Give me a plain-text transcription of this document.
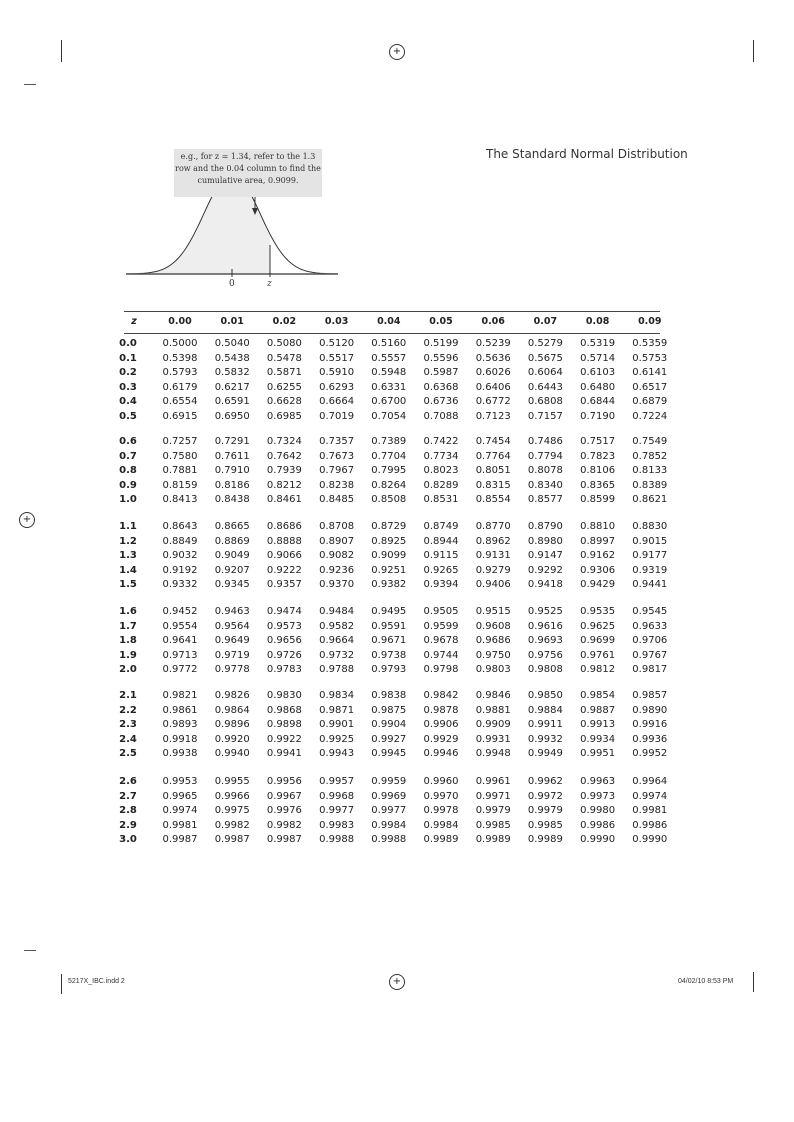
+
+
+
The Standard Normal Distribution
e.g., for z = 1.34, refer to the 1.3 row and the 0.04 column to find the cumulative area, 0.9099.
0	z
z	0.00	0.01	0.02	0.03	0.04	0.05	0.06	0.07	0.08	0.09
0.0	0.5000	0.5040	0.5080	0.5120	0.5160	0.5199	0.5239	0.5279	0.5319	0.5359
0.1	0.5398	0.5438	0.5478	0.5517	0.5557	0.5596	0.5636	0.5675	0.5714	0.5753
0.2	0.5793	0.5832	0.5871	0.5910	0.5948	0.5987	0.6026	0.6064	0.6103	0.6141
0.3	0.6179	0.6217	0.6255	0.6293	0.6331	0.6368	0.6406	0.6443	0.6480	0.6517
0.4	0.6554	0.6591	0.6628	0.6664	0.6700	0.6736	0.6772	0.6808	0.6844	0.6879
0.5	0.6915	0.6950	0.6985	0.7019	0.7054	0.7088	0.7123	0.7157	0.7190	0.7224
0.6	0.7257	0.7291	0.7324	0.7357	0.7389	0.7422	0.7454	0.7486	0.7517	0.7549
0.7	0.7580	0.7611	0.7642	0.7673	0.7704	0.7734	0.7764	0.7794	0.7823	0.7852
0.8	0.7881	0.7910	0.7939	0.7967	0.7995	0.8023	0.8051	0.8078	0.8106	0.8133
0.9	0.8159	0.8186	0.8212	0.8238	0.8264	0.8289	0.8315	0.8340	0.8365	0.8389
1.0	0.8413	0.8438	0.8461	0.8485	0.8508	0.8531	0.8554	0.8577	0.8599	0.8621
1.1	0.8643	0.8665	0.8686	0.8708	0.8729	0.8749	0.8770	0.8790	0.8810	0.8830
1.2	0.8849	0.8869	0.8888	0.8907	0.8925	0.8944	0.8962	0.8980	0.8997	0.9015
1.3	0.9032	0.9049	0.9066	0.9082	0.9099	0.9115	0.9131	0.9147	0.9162	0.9177
1.4	0.9192	0.9207	0.9222	0.9236	0.9251	0.9265	0.9279	0.9292	0.9306	0.9319
1.5	0.9332	0.9345	0.9357	0.9370	0.9382	0.9394	0.9406	0.9418	0.9429	0.9441
1.6	0.9452	0.9463	0.9474	0.9484	0.9495	0.9505	0.9515	0.9525	0.9535	0.9545
1.7	0.9554	0.9564	0.9573	0.9582	0.9591	0.9599	0.9608	0.9616	0.9625	0.9633
1.8	0.9641	0.9649	0.9656	0.9664	0.9671	0.9678	0.9686	0.9693	0.9699	0.9706
1.9	0.9713	0.9719	0.9726	0.9732	0.9738	0.9744	0.9750	0.9756	0.9761	0.9767
2.0	0.9772	0.9778	0.9783	0.9788	0.9793	0.9798	0.9803	0.9808	0.9812	0.9817
2.1	0.9821	0.9826	0.9830	0.9834	0.9838	0.9842	0.9846	0.9850	0.9854	0.9857
2.2	0.9861	0.9864	0.9868	0.9871	0.9875	0.9878	0.9881	0.9884	0.9887	0.9890
2.3	0.9893	0.9896	0.9898	0.9901	0.9904	0.9906	0.9909	0.9911	0.9913	0.9916
2.4	0.9918	0.9920	0.9922	0.9925	0.9927	0.9929	0.9931	0.9932	0.9934	0.9936
2.5	0.9938	0.9940	0.9941	0.9943	0.9945	0.9946	0.9948	0.9949	0.9951	0.9952
2.6	0.9953	0.9955	0.9956	0.9957	0.9959	0.9960	0.9961	0.9962	0.9963	0.9964
2.7	0.9965	0.9966	0.9967	0.9968	0.9969	0.9970	0.9971	0.9972	0.9973	0.9974
2.8	0.9974	0.9975	0.9976	0.9977	0.9977	0.9978	0.9979	0.9979	0.9980	0.9981
2.9	0.9981	0.9982	0.9982	0.9983	0.9984	0.9984	0.9985	0.9985	0.9986	0.9986
3.0	0.9987	0.9987	0.9987	0.9988	0.9988	0.9989	0.9989	0.9989	0.9990	0.9990
5217X_IBC.indd 2	04/02/10 8:53 PM
